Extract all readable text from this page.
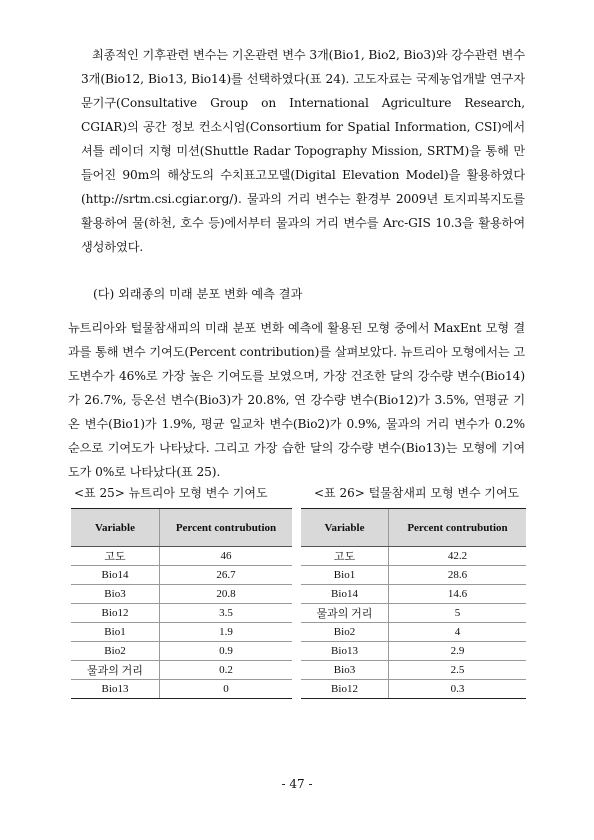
최종적인 기후관련 변수는 기온관련 변수 3개(Bio1, Bio2, Bio3)와 강수관련 변수 3개(Bio12, Bio13, Bio14)를 선택하였다(표 24). 고도자료는 국제농업개발 연구자문기구(Consultative Group on International Agriculture Research, CGIAR)의 공간 정보 컨소시엄(Consortium for Spatial Information, CSI)에서 셔틀 레이더 지형 미션(Shuttle Radar Topography Mission, SRTM)을 통해 만들어진 90m의 해상도의 수치표고모델(Digital Elevation Model)을 활용하였다(http://srtm.csi.cgiar.org/). 물과의 거리 변수는 환경부 2009년 토지피복지도를 활용하여 물(하천, 호수 등)에서부터 물과의 거리 변수를 Arc-GIS 10.3을 활용하여 생성하였다.

(다) 외래종의 미래 분포 변화 예측 결과

뉴트리아와 털물참새피의 미래 분포 변화 예측에 활용된 모형 중에서 MaxEnt 모형 결과를 통해 변수 기여도(Percent contribution)를 살펴보았다. 뉴트리아 모형에서는 고도변수가 46%로 가장 높은 기여도를 보였으며, 가장 건조한 달의 강수량 변수(Bio14)가 26.7%, 등온선 변수(Bio3)가 20.8%, 연 강수량 변수(Bio12)가 3.5%, 연평균 기온 변수(Bio1)가 1.9%, 평균 일교차 변수(Bio2)가 0.9%, 물과의 거리 변수가 0.2% 순으로 기여도가 나타났다. 그리고 가장 습한 달의 강수량 변수(Bio13)는 모형에 기여도가 0%로 나타났다(표 25).

<표 25> 뉴트리아 모형 변수 기여도	<표 26> 털물참새피 모형 변수 기여도

Variable	Percent contrubution
고도	46
Bio14	26.7
Bio3	20.8
Bio12	3.5
Bio1	1.9
Bio2	0.9
물과의 거리	0.2
Bio13	0
Variable	Percent contrubution
고도	42.2
Bio1	28.6
Bio14	14.6
물과의 거리	5
Bio2	4
Bio13	2.9
Bio3	2.5
Bio12	0.3

- 47 -
